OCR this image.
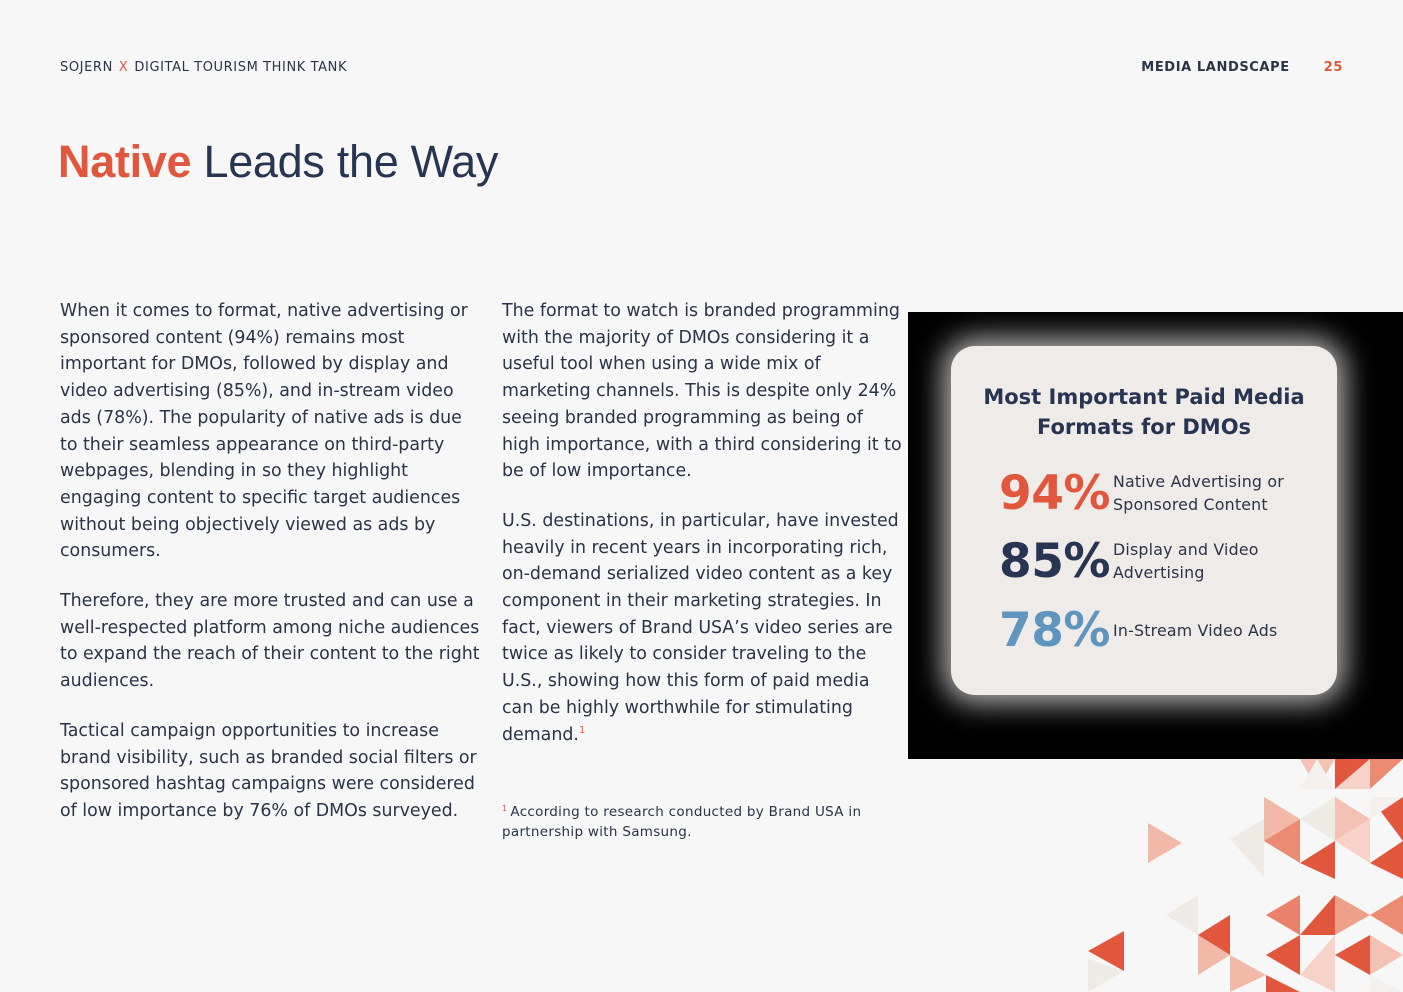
SOJERN X DIGITAL TOURISM THINK TANK	MEDIA LANDSCAPE	25
Native Leads the Way

When it comes to format, native advertising or sponsored content (94%) remains most important for DMOs, followed by display and video advertising (85%), and in-stream video ads (78%). The popularity of native ads is due to their seamless appearance on third-party webpages, blending in so they highlight engaging content to specific target audiences without being objectively viewed as ads by consumers.

Therefore, they are more trusted and can use a well-respected platform among niche audiences to expand the reach of their content to the right audiences.

Tactical campaign opportunities to increase brand visibility, such as branded social filters or sponsored hashtag campaigns were considered of low importance by 76% of DMOs surveyed.

The format to watch is branded programming with the majority of DMOs considering it a useful tool when using a wide mix of marketing channels. This is despite only 24% seeing branded programming as being of high importance, with a third considering it to be of low importance.

U.S. destinations, in particular, have invested heavily in recent years in incorporating rich, on-demand serialized video content as a key component in their marketing strategies. In fact, viewers of Brand USA’s video series are twice as likely to consider traveling to the U.S., showing how this form of paid media can be highly worthwhile for stimulating demand.$^1$

$^1$ According to research conducted by Brand USA in partnership with Samsung.
Most Important Paid Media Formats for DMOs
94% Native Advertising or Sponsored Content
85% Display and Video Advertising
78% In-Stream Video Ads
